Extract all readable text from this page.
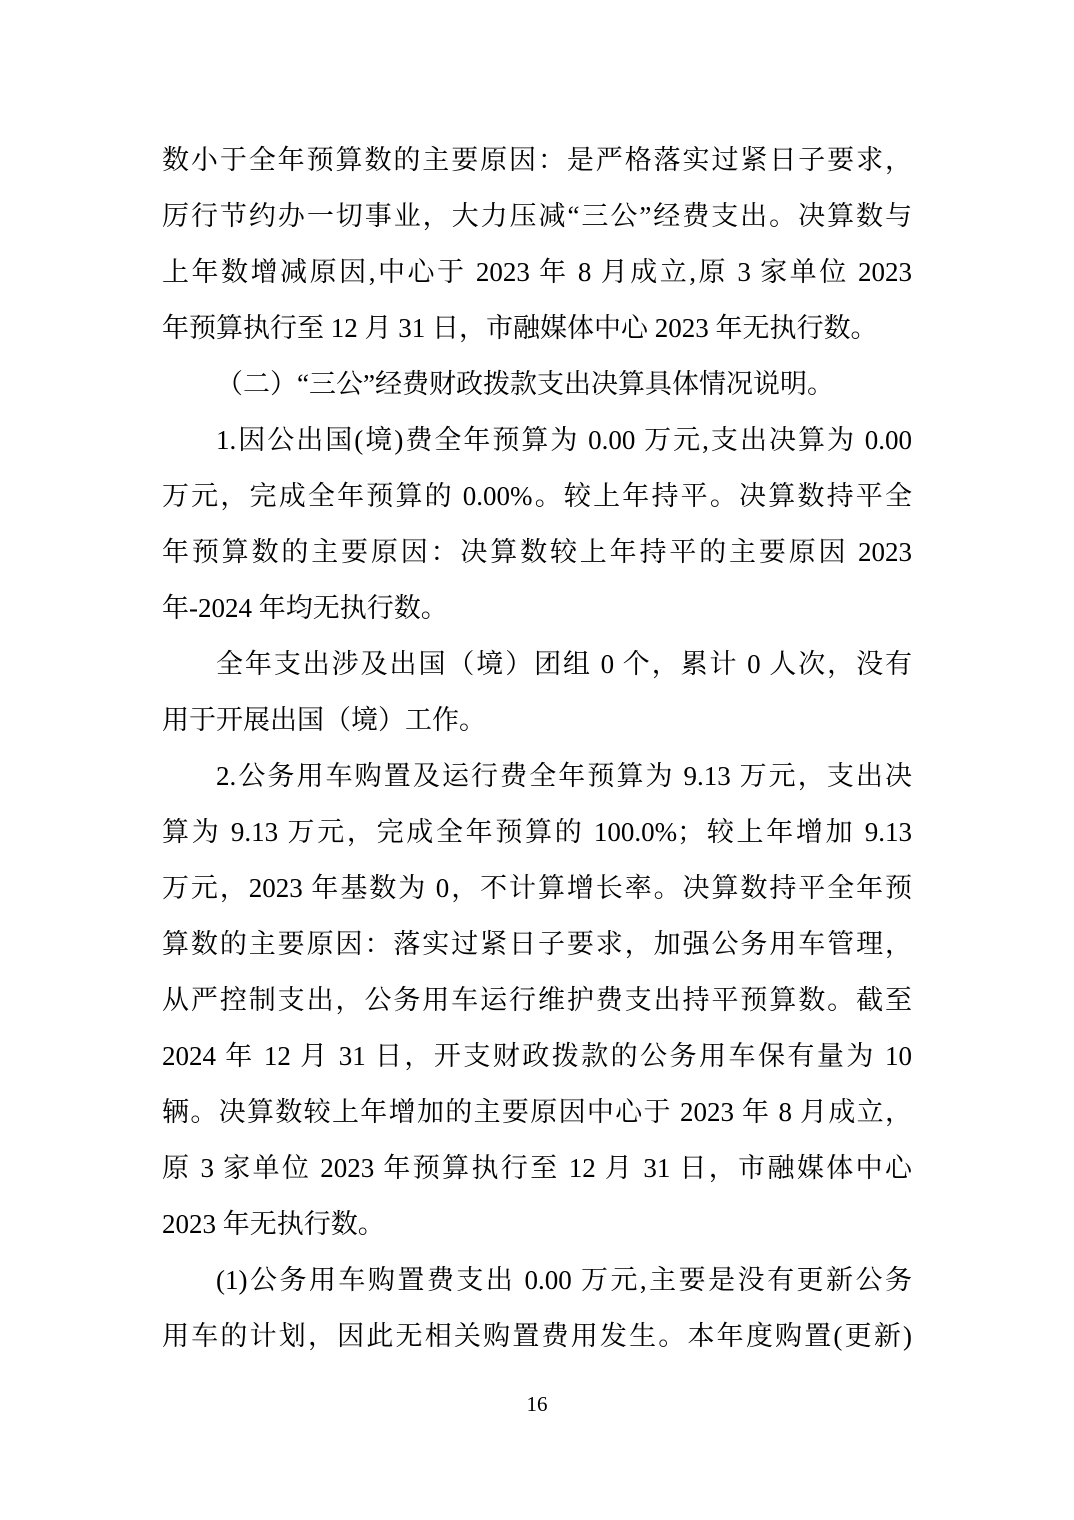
数小于全年预算数的主要原因：是严格落实过紧日子要求，
厉行节约办一切事业，大力压减“三公”经费支出。决算数与
上年数增减原因,中心于 2023 年 8 月成立,原 3 家单位 2023
年预算执行至 12 月 31 日，市融媒体中心 2023 年无执行数。
（二）“三公”经费财政拨款支出决算具体情况说明。
1.因公出国(境)费全年预算为 0.00 万元,支出决算为 0.00
万元，完成全年预算的 0.00%。较上年持平。决算数持平全
年预算数的主要原因：决算数较上年持平的主要原因 2023
年-2024 年均无执行数。
全年支出涉及出国（境）团组 0 个，累计 0 人次，没有
用于开展出国（境）工作。
2.公务用车购置及运行费全年预算为 9.13 万元，支出决
算为 9.13 万元，完成全年预算的 100.0%；较上年增加 9.13
万元，2023 年基数为 0，不计算增长率。决算数持平全年预
算数的主要原因：落实过紧日子要求，加强公务用车管理，
从严控制支出，公务用车运行维护费支出持平预算数。截至
2024 年 12 月 31 日，开支财政拨款的公务用车保有量为 10
辆。决算数较上年增加的主要原因中心于 2023 年 8 月成立，
原 3 家单位 2023 年预算执行至 12 月 31 日，市融媒体中心
2023 年无执行数。
(1)公务用车购置费支出 0.00 万元,主要是没有更新公务
用车的计划，因此无相关购置费用发生。本年度购置(更新)
16
